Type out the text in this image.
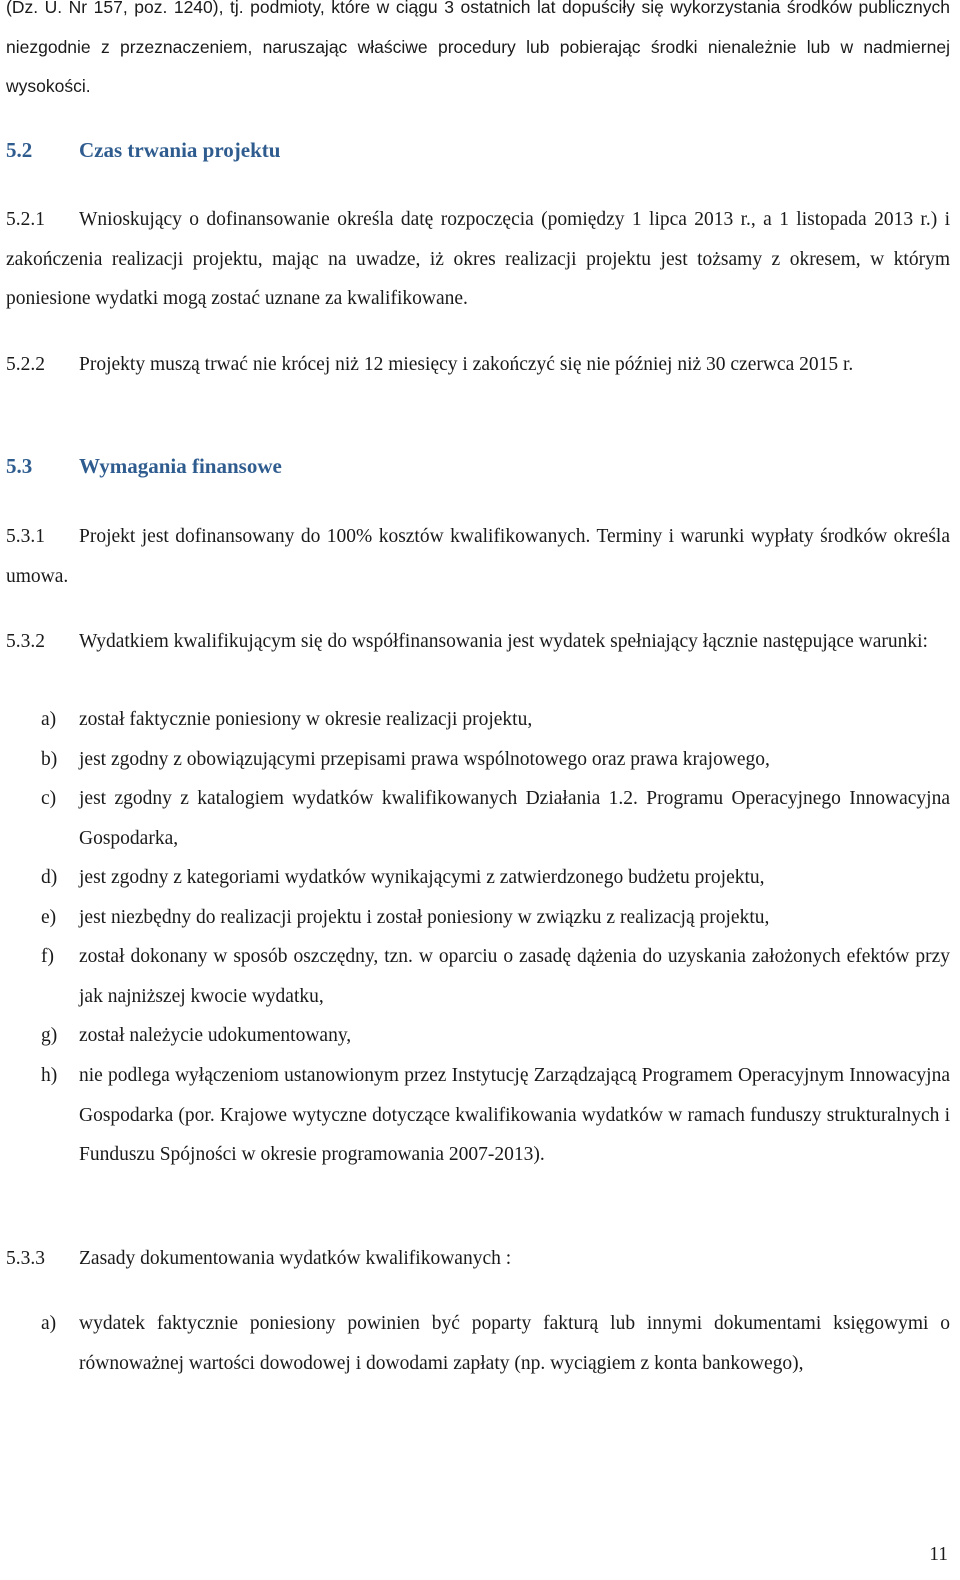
(Dz. U. Nr 157, poz. 1240), tj. podmioty, które w ciągu 3 ostatnich lat dopuściły się wykorzystania środków publicznych niezgodnie z przeznaczeniem, naruszając właściwe procedury lub pobierając środki nienależnie lub w nadmiernej wysokości.
5.2 Czas trwania projektu
5.2.1 Wnioskujący o dofinansowanie określa datę rozpoczęcia (pomiędzy 1 lipca 2013 r., a 1 listopada 2013 r.) i zakończenia realizacji projektu, mając na uwadze, iż okres realizacji projektu jest tożsamy z okresem, w którym poniesione wydatki mogą zostać uznane za kwalifikowane.
5.2.2 Projekty muszą trwać nie krócej niż 12 miesięcy i zakończyć się nie później niż 30 czerwca 2015 r.
5.3 Wymagania finansowe
5.3.1 Projekt jest dofinansowany do 100% kosztów kwalifikowanych. Terminy i warunki wypłaty środków określa umowa.
5.3.2 Wydatkiem kwalifikującym się do współfinansowania jest wydatek spełniający łącznie następujące warunki:
a) został faktycznie poniesiony w okresie realizacji projektu,
b) jest zgodny z obowiązującymi przepisami prawa wspólnotowego oraz prawa krajowego,
c) jest zgodny z katalogiem wydatków kwalifikowanych Działania 1.2. Programu Operacyjnego Innowacyjna Gospodarka,
d) jest zgodny z kategoriami wydatków wynikającymi z zatwierdzonego budżetu projektu,
e) jest niezbędny do realizacji projektu i został poniesiony w związku z realizacją projektu,
f) został dokonany w sposób oszczędny, tzn. w oparciu o zasadę dążenia do uzyskania założonych efektów przy jak najniższej kwocie wydatku,
g) został należycie udokumentowany,
h) nie podlega wyłączeniom ustanowionym przez Instytucję Zarządzającą Programem Operacyjnym Innowacyjna Gospodarka (por. Krajowe wytyczne dotyczące kwalifikowania wydatków w ramach funduszy strukturalnych i Funduszu Spójności w okresie programowania 2007-2013).
5.3.3 Zasady dokumentowania wydatków kwalifikowanych :
a) wydatek faktycznie poniesiony powinien być poparty fakturą lub innymi dokumentami księgowymi o równoważnej wartości dowodowej i dowodami zapłaty (np. wyciągiem z konta bankowego),
11
